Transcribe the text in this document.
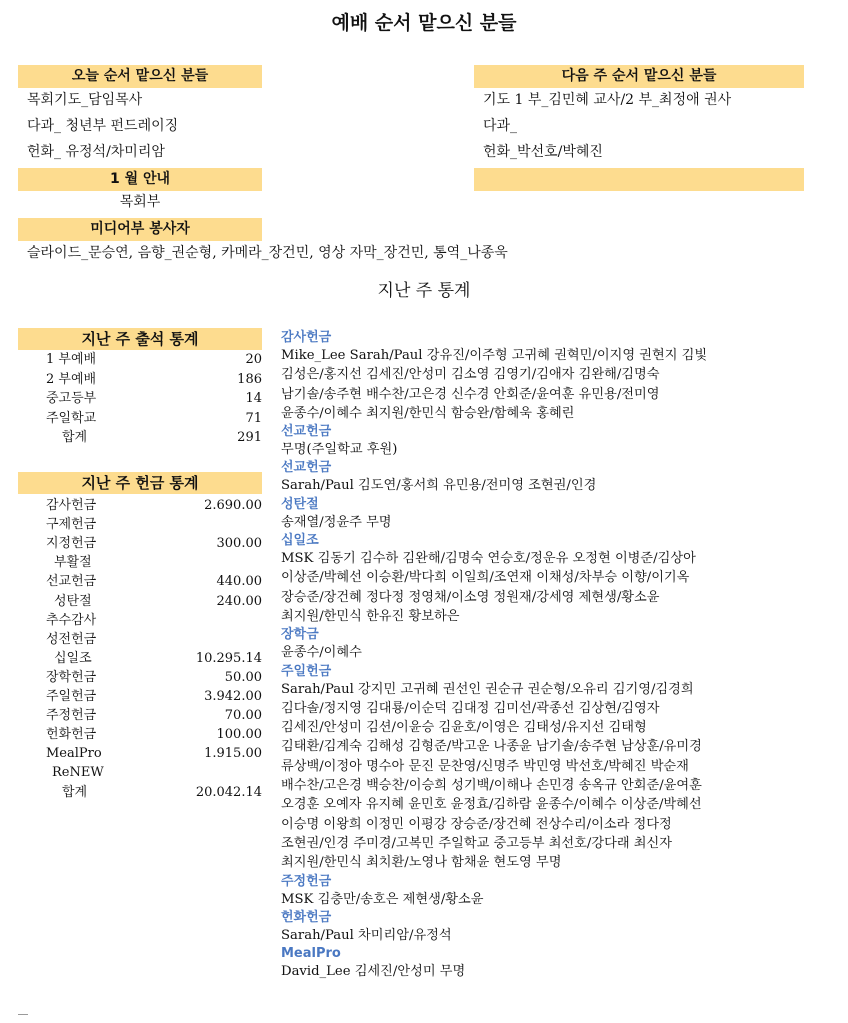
예배 순서 맡으신 분들
오늘 순서 맡으신 분들
목회기도_담임목사
다과_ 청년부 펀드레이징
헌화_ 유정석/차미리암
다음 주 순서 맡으신 분들
기도 1 부_김민혜 교사/2 부_최정애 권사
다과_
헌화_박선호/박혜진
1 월 안내
목회부
미디어부 봉사자
슬라이드_문승연, 음향_권순형, 카메라_장건민, 영상 자막_장건민, 통역_나종욱
지난 주 통계
지난 주 출석 통계
1 부예배	20
2 부예배	186
중고등부	14
주일학교	71
합계	291
지난 주 헌금 통계
감사헌금	2.690.00
구제헌금
지정헌금	300.00
부활절
선교헌금	440.00
성탄절	240.00
추수감사
성전헌금
십일조	10.295.14
장학헌금	50.00
주일헌금	3.942.00
주정헌금	70.00
헌화헌금	100.00
MealPro	1.915.00
ReNEW
합계	20.042.14
감사헌금
Mike_Lee Sarah/Paul 강유진/이주형 고귀혜 권혁민/이지영 권현지 김빛
김성은/홍지선 김세진/안성미 김소영 김영기/김애자 김완해/김명숙
남기솔/송주현 배수찬/고은경 신수경 안회준/윤여훈 유민용/전미영
윤종수/이혜수 최지원/한민식 함승완/함혜욱 홍혜린
선교헌금
무명(주일학교 후원)
선교헌금
Sarah/Paul 김도연/홍서희 유민용/전미영 조현권/인경
성탄절
송재열/정윤주 무명
십일조
MSK 김동기 김수하 김완해/김명숙 연승호/정운유 오정현 이병준/김상아
이상준/박혜선 이승환/박다희 이일희/조연재 이채성/차부승 이향/이기옥
장승준/장건혜 정다정 정영채/이소영 정원재/강세영 제현생/황소윤
최지원/한민식 한유진 황보하은
장학금
윤종수/이혜수
주일헌금
Sarah/Paul 강지민 고귀혜 권선인 권순규 권순형/오유리 김기영/김경희
김다솔/정지영 김대룡/이순덕 김대정 김미선/곽종선 김상현/김영자
김세진/안성미 김션/이윤승 김윤호/이영은 김태성/유지선 김태형
김태환/김계숙 김해성 김형준/박고운 나종윤 남기솔/송주현 남상훈/유미경
류상백/이정아 명수아 문진 문찬영/신명주 박민영 박선호/박혜진 박순재
배수찬/고은경 백승찬/이승희 성기백/이해나 손민경 송옥규 안회준/윤여훈
오경훈 오예자 유지혜 윤민호 윤정효/김하람 윤종수/이혜수 이상준/박혜선
이승명 이왕희 이정민 이평강 장승준/장건혜 전상수리/이소라 정다정
조현권/인경 주미경/고복민 주일학교 중고등부 최선호/강다래 최신자
최지원/한민식 최치환/노영나 함채윤 현도영 무명
주정헌금
MSK 김충만/송호은 제현생/황소윤
헌화헌금
Sarah/Paul 차미리암/유정석
MealPro
David_Lee 김세진/안성미 무명
